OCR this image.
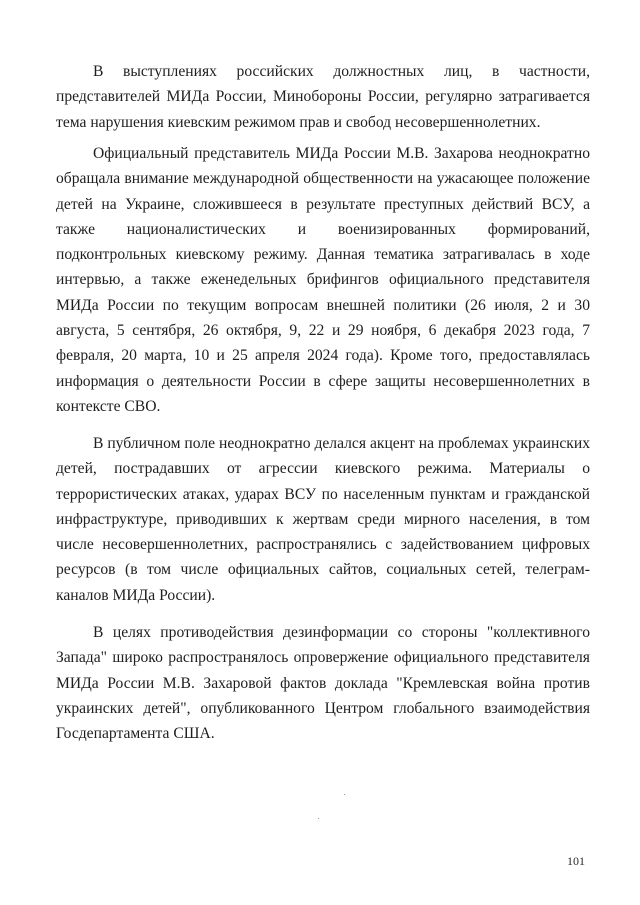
В выступлениях российских должностных лиц, в частности, представителей МИДа России, Минобороны России, регулярно затрагивается тема нарушения киевским режимом прав и свобод несовершеннолетних.

Официальный представитель МИДа России М.В. Захарова неоднократно обращала внимание международной общественности на ужасающее положение детей на Украине, сложившееся в результате преступных действий ВСУ, а также националистических и военизированных формирований, подконтрольных киевскому режиму. Данная тематика затрагивалась в ходе интервью, а также еженедельных брифингов официального представителя МИДа России по текущим вопросам внешней политики (26 июля, 2 и 30 августа, 5 сентября, 26 октября, 9, 22 и 29 ноября, 6 декабря 2023 года, 7 февраля, 20 марта, 10 и 25 апреля 2024 года). Кроме того, предоставлялась информация о деятельности России в сфере защиты несовершеннолетних в контексте СВО.

В публичном поле неоднократно делался акцент на проблемах украинских детей, пострадавших от агрессии киевского режима. Материалы о террористических атаках, ударах ВСУ по населенным пунктам и гражданской инфраструктуре, приводивших к жертвам среди мирного населения, в том числе несовершеннолетних, распространялись с задействованием цифровых ресурсов (в том числе официальных сайтов, социальных сетей, телеграм-каналов МИДа России).

В целях противодействия дезинформации со стороны "коллективного Запада" широко распространялось опровержение официального представителя МИДа России М.В. Захаровой фактов доклада "Кремлевская война против украинских детей", опубликованного Центром глобального взаимодействия Госдепартамента США.

101
